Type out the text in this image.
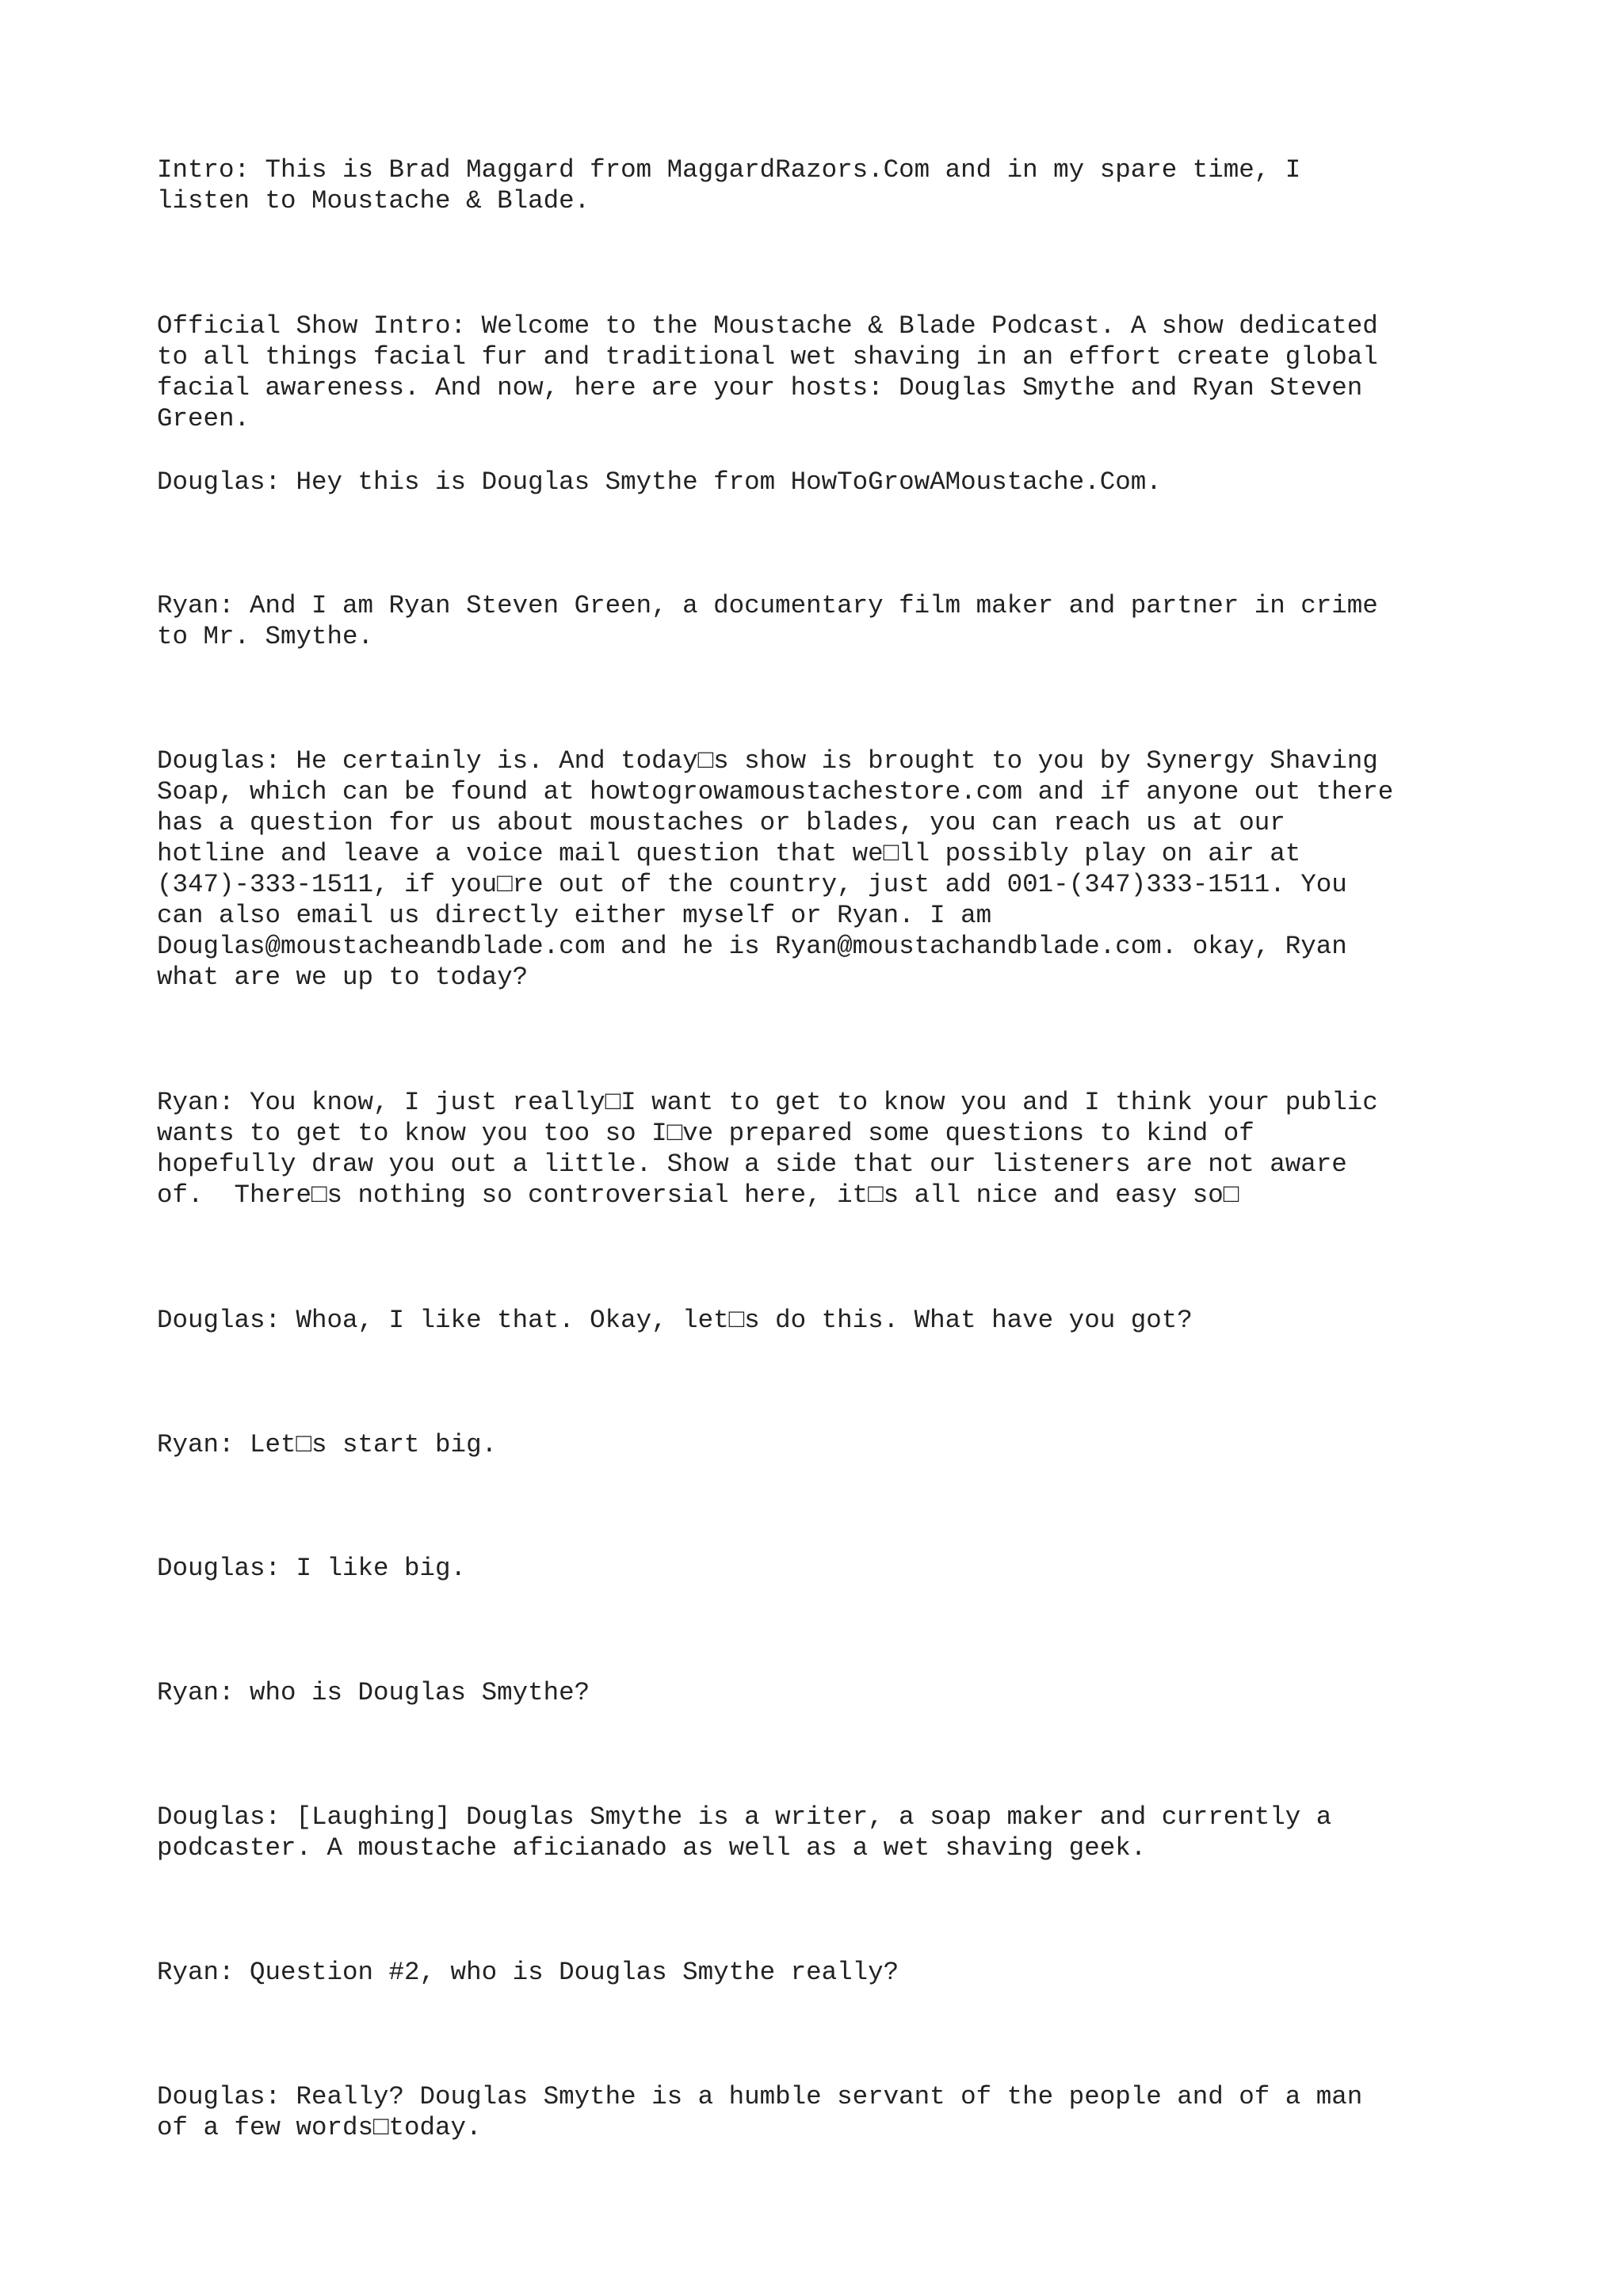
Intro: This is Brad Maggard from MaggardRazors.Com and in my spare time, I
listen to Moustache & Blade.

Official Show Intro: Welcome to the Moustache & Blade Podcast. A show dedicated
to all things facial fur and traditional wet shaving in an effort create global
facial awareness. And now, here are your hosts: Douglas Smythe and Ryan Steven
Green.

Douglas: Hey this is Douglas Smythe from HowToGrowAMoustache.Com.

Ryan: And I am Ryan Steven Green, a documentary film maker and partner in crime
to Mr. Smythe.

Douglas: He certainly is. And today□s show is brought to you by Synergy Shaving
Soap, which can be found at howtogrowamoustachestore.com and if anyone out there
has a question for us about moustaches or blades, you can reach us at our
hotline and leave a voice mail question that we□ll possibly play on air at
(347)-333-1511, if you□re out of the country, just add 001-(347)333-1511. You
can also email us directly either myself or Ryan. I am
Douglas@moustacheandblade.com and he is Ryan@moustachandblade.com. okay, Ryan
what are we up to today?

Ryan: You know, I just really□I want to get to know you and I think your public
wants to get to know you too so I□ve prepared some questions to kind of
hopefully draw you out a little. Show a side that our listeners are not aware
of.  There□s nothing so controversial here, it□s all nice and easy so□

Douglas: Whoa, I like that. Okay, let□s do this. What have you got?

Ryan: Let□s start big.

Douglas: I like big.

Ryan: who is Douglas Smythe?

Douglas: [Laughing] Douglas Smythe is a writer, a soap maker and currently a
podcaster. A moustache aficianado as well as a wet shaving geek.

Ryan: Question #2, who is Douglas Smythe really?

Douglas: Really? Douglas Smythe is a humble servant of the people and of a man
of a few words□today.
